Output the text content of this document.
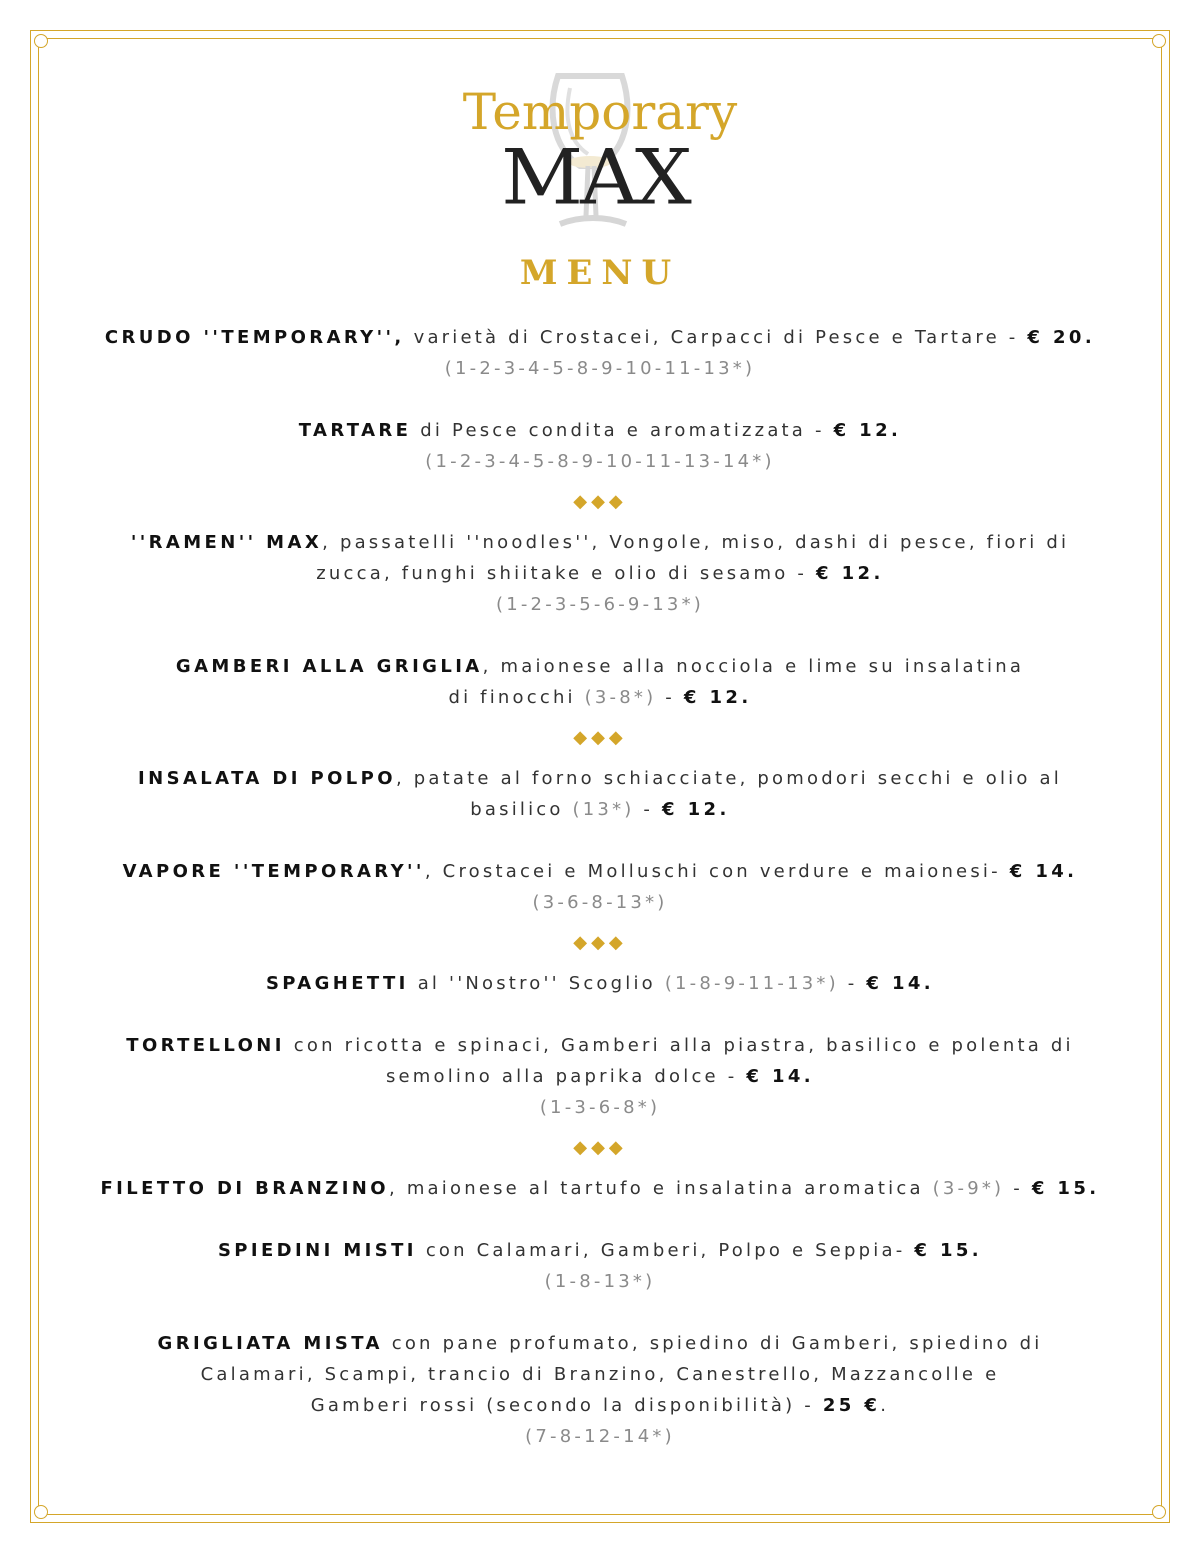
Temporary
MAX
MENU
CRUDO ''TEMPORARY'', varietà di Crostacei, Carpacci di Pesce e Tartare - € 20.
(1-2-3-4-5-8-9-10-11-13*)
TARTARE di Pesce condita e aromatizzata - € 12.
(1-2-3-4-5-8-9-10-11-13-14*)
◆◆◆
''RAMEN'' MAX, passatelli ''noodles'', Vongole, miso, dashi di pesce, fiori di
zucca, funghi shiitake e olio di sesamo - € 12.
(1-2-3-5-6-9-13*)
GAMBERI ALLA GRIGLIA, maionese alla nocciola e lime su insalatina
di finocchi (3-8*) - € 12.
◆◆◆
INSALATA DI POLPO, patate al forno schiacciate, pomodori secchi e olio al
basilico (13*) - € 12.
VAPORE ''TEMPORARY'', Crostacei e Molluschi con verdure e maionesi- € 14.
(3-6-8-13*)
◆◆◆
SPAGHETTI al ''Nostro'' Scoglio (1-8-9-11-13*) - € 14.
TORTELLONI con ricotta e spinaci, Gamberi alla piastra, basilico e polenta di
semolino alla paprika dolce - € 14.
(1-3-6-8*)
◆◆◆
FILETTO DI BRANZINO, maionese al tartufo e insalatina aromatica (3-9*) - € 15.
SPIEDINI MISTI con Calamari, Gamberi, Polpo e Seppia- € 15.
(1-8-13*)
GRIGLIATA MISTA con pane profumato, spiedino di Gamberi, spiedino di
Calamari, Scampi, trancio di Branzino, Canestrello, Mazzancolle e
Gamberi rossi (secondo la disponibilità) - 25 €.
(7-8-12-14*)
